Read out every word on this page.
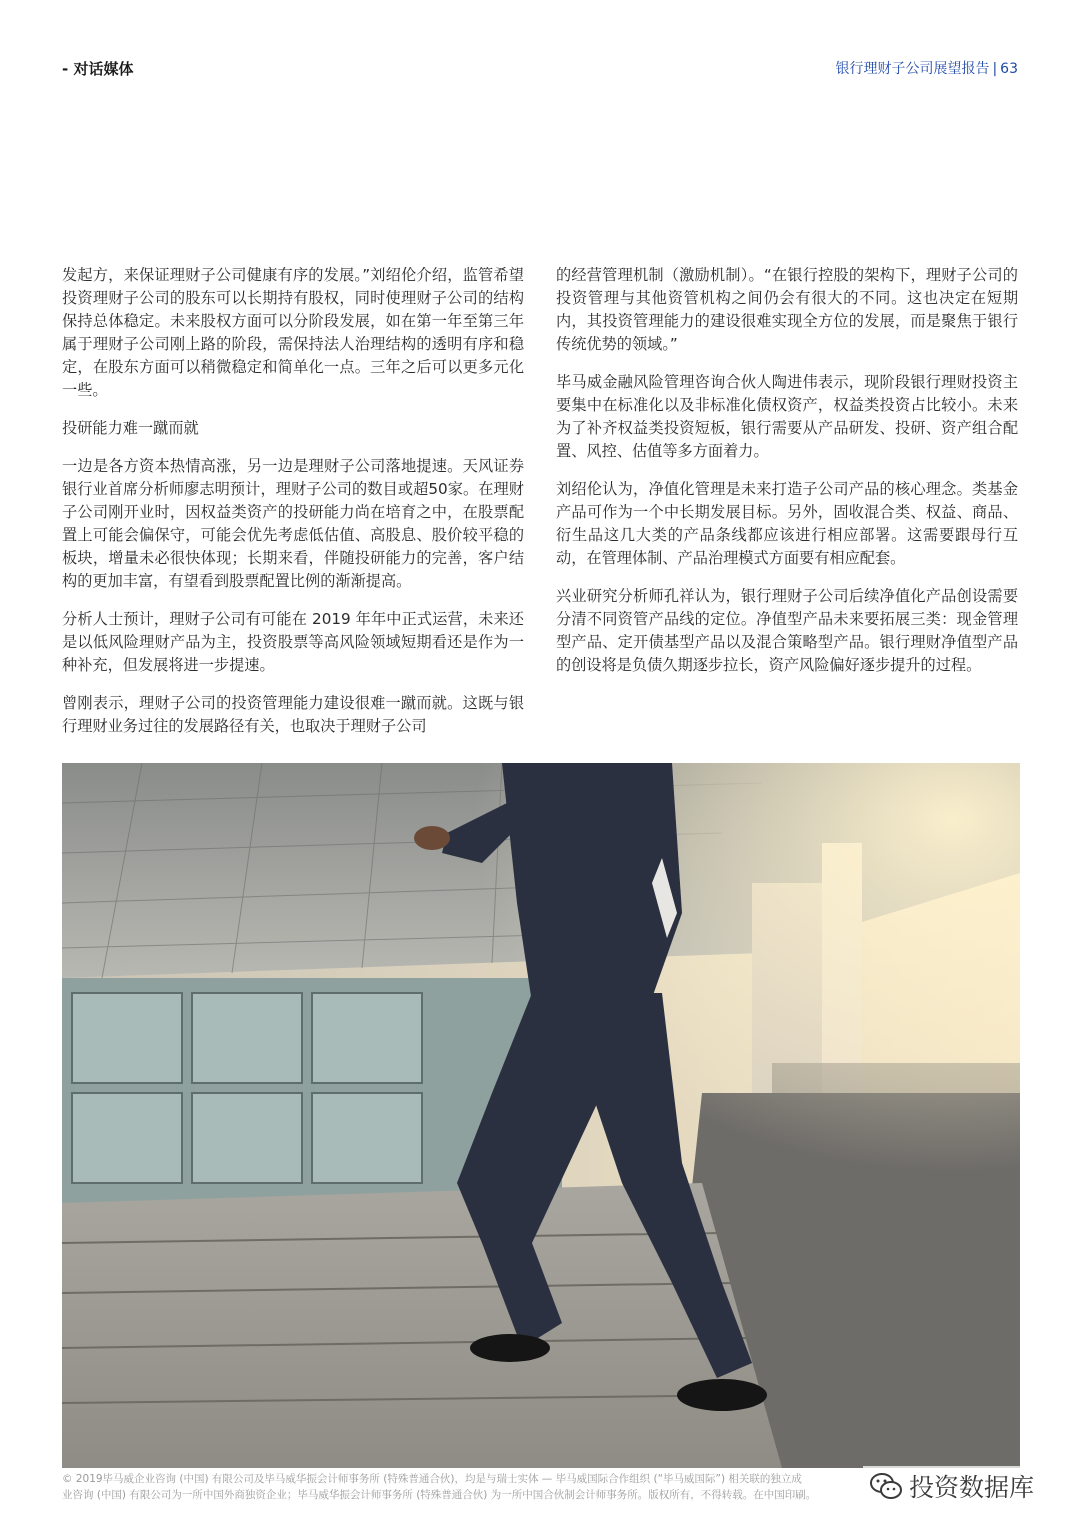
- 对话媒体	银行理财子公司展望报告 | 63

发起方，来保证理财子公司健康有序的发展。”刘绍伦介绍，监管希望投资理财子公司的股东可以长期持有股权，同时使理财子公司的结构保持总体稳定。未来股权方面可以分阶段发展，如在第一年至第三年属于理财子公司刚上路的阶段，需保持法人治理结构的透明有序和稳定，在股东方面可以稍微稳定和简单化一点。三年之后可以更多元化一些。

投研能力难一蹴而就

一边是各方资本热情高涨，另一边是理财子公司落地提速。天风证券银行业首席分析师廖志明预计，理财子公司的数目或超50家。在理财子公司刚开业时，因权益类资产的投研能力尚在培育之中，在股票配置上可能会偏保守，可能会优先考虑低估值、高股息、股价较平稳的板块，增量未必很快体现；长期来看，伴随投研能力的完善，客户结构的更加丰富，有望看到股票配置比例的渐渐提高。

分析人士预计，理财子公司有可能在 2019 年年中正式运营，未来还是以低风险理财产品为主，投资股票等高风险领域短期看还是作为一种补充，但发展将进一步提速。

曾刚表示，理财子公司的投资管理能力建设很难一蹴而就。这既与银行理财业务过往的发展路径有关，也取决于理财子公司

的经营管理机制（激励机制）。“在银行控股的架构下，理财子公司的投资管理与其他资管机构之间仍会有很大的不同。这也决定在短期内，其投资管理能力的建设很难实现全方位的发展，而是聚焦于银行传统优势的领域。”

毕马威金融风险管理咨询合伙人陶进伟表示，现阶段银行理财投资主要集中在标准化以及非标准化债权资产，权益类投资占比较小。未来为了补齐权益类投资短板，银行需要从产品研发、投研、资产组合配置、风控、估值等多方面着力。

刘绍伦认为，净值化管理是未来打造子公司产品的核心理念。类基金产品可作为一个中长期发展目标。另外，固收混合类、权益、商品、衍生品这几大类的产品条线都应该进行相应部署。这需要跟母行互动，在管理体制、产品治理模式方面要有相应配套。

兴业研究分析师孔祥认为，银行理财子公司后续净值化产品创设需要分清不同资管产品线的定位。净值型产品未来要拓展三类：现金管理型产品、定开债基型产品以及混合策略型产品。银行理财净值型产品的创设将是负债久期逐步拉长，资产风险偏好逐步提升的过程。

© 2019毕马威企业咨询 (中国) 有限公司及毕马威华振会计师事务所 (特殊普通合伙)，均是与瑞士实体 — 毕马威国际合作组织 (“毕马威国际”) 相关联的独立成
业咨询 (中国) 有限公司为一所中国外商独资企业；毕马威华振会计师事务所 (特殊普通合伙) 为一所中国合伙制会计师事务所。版权所有，不得转载。在中国印刷。	投资数据库
